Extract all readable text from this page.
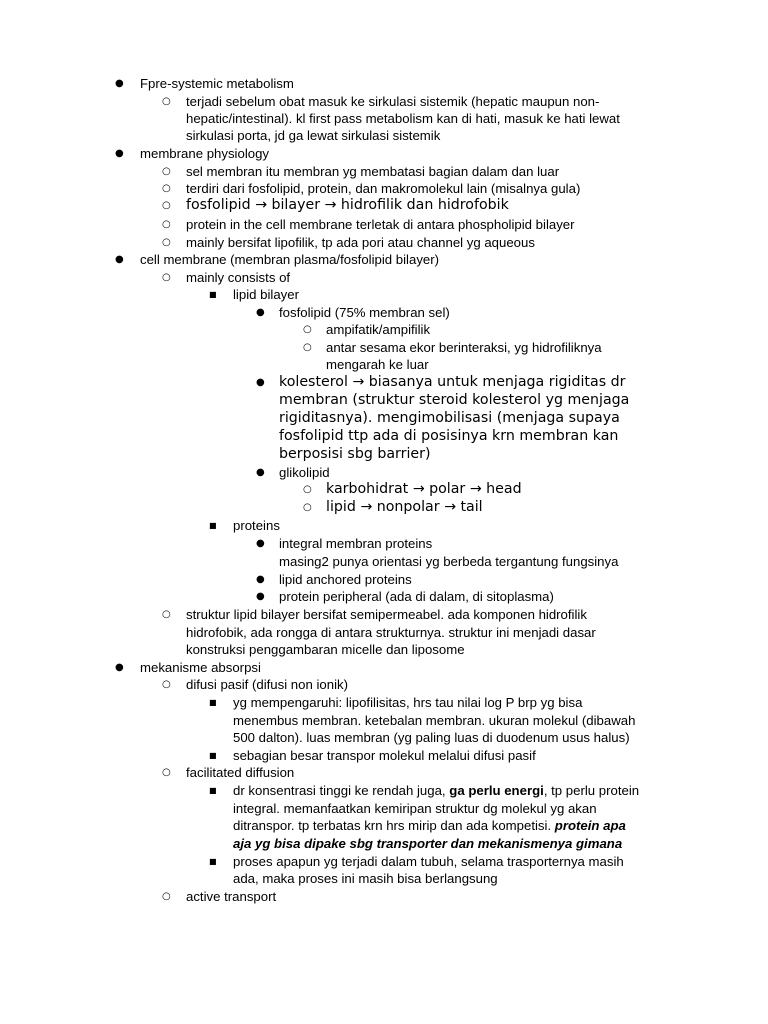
● Fpre-systemic metabolism
○ terjadi sebelum obat masuk ke sirkulasi sistemik (hepatic maupun non-
hepatic/intestinal). kl first pass metabolism kan di hati, masuk ke hati lewat
sirkulasi porta, jd ga lewat sirkulasi sistemik
● membrane physiology
○ sel membran itu membran yg membatasi bagian dalam dan luar
○ terdiri dari fosfolipid, protein, dan makromolekul lain (misalnya gula)
○ fosfolipid → bilayer → hidrofilik dan hidrofobik
○ protein in the cell membrane terletak di antara phospholipid bilayer
○ mainly bersifat lipofilik, tp ada pori atau channel yg aqueous
● cell membrane (membran plasma/fosfolipid bilayer)
○ mainly consists of
■ lipid bilayer
● fosfolipid (75% membran sel)
○ ampifatik/ampifilik
○ antar sesama ekor berinteraksi, yg hidrofiliknya
mengarah ke luar
● kolesterol → biasanya untuk menjaga rigiditas dr
membran (struktur steroid kolesterol yg menjaga
rigiditasnya). mengimobilisasi (menjaga supaya
fosfolipid ttp ada di posisinya krn membran kan
berposisi sbg barrier)
● glikolipid
○ karbohidrat → polar → head
○ lipid → nonpolar → tail
■ proteins
● integral membran proteins
masing2 punya orientasi yg berbeda tergantung fungsinya
● lipid anchored proteins
● protein peripheral (ada di dalam, di sitoplasma)
○ struktur lipid bilayer bersifat semipermeabel. ada komponen hidrofilik
hidrofobik, ada rongga di antara strukturnya. struktur ini menjadi dasar
konstruksi penggambaran micelle dan liposome
● mekanisme absorpsi
○ difusi pasif (difusi non ionik)
■ yg mempengaruhi: lipofilisitas, hrs tau nilai log P brp yg bisa
menembus membran. ketebalan membran. ukuran molekul (dibawah
500 dalton). luas membran (yg paling luas di duodenum usus halus)
■ sebagian besar transpor molekul melalui difusi pasif
○ facilitated diffusion
■ dr konsentrasi tinggi ke rendah juga, ga perlu energi, tp perlu protein
integral. memanfaatkan kemiripan struktur dg molekul yg akan
ditranspor. tp terbatas krn hrs mirip dan ada kompetisi. protein apa
aja yg bisa dipake sbg transporter dan mekanismenya gimana
■ proses apapun yg terjadi dalam tubuh, selama trasporternya masih
ada, maka proses ini masih bisa berlangsung
○ active transport
